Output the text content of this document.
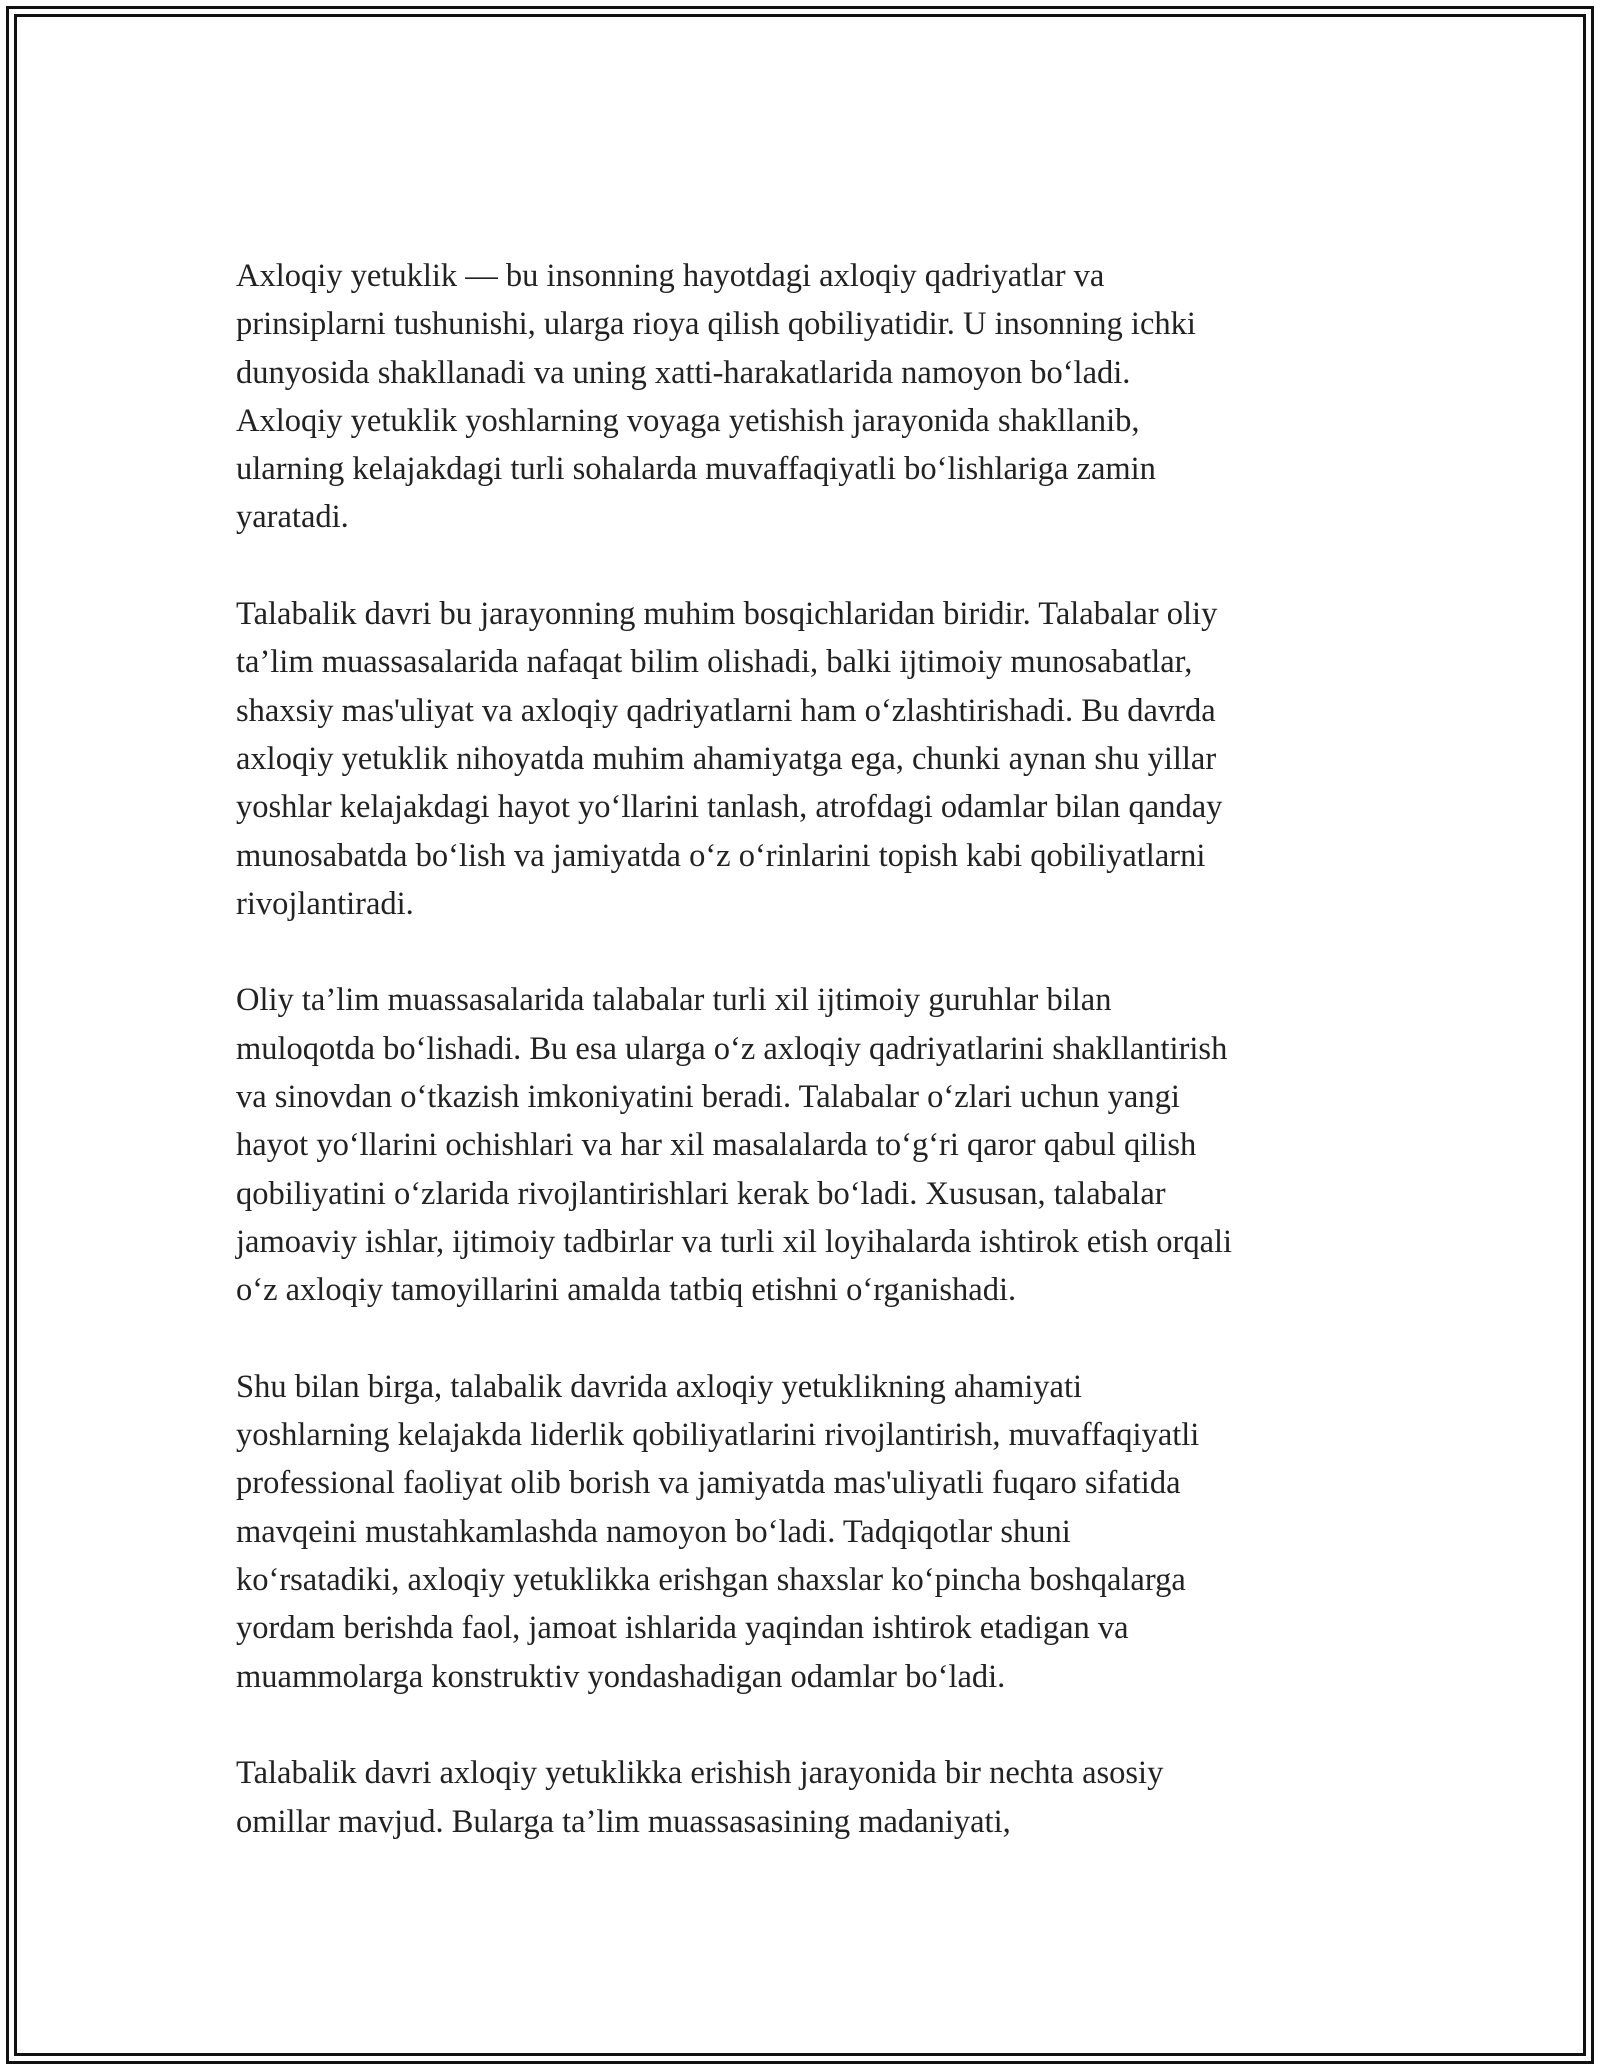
Axloqiy yetuklik — bu insonning hayotdagi axloqiy qadriyatlar va
prinsiplarni tushunishi, ularga rioya qilish qobiliyatidir. U insonning ichki
dunyosida shakllanadi va uning xatti-harakatlarida namoyon boʻladi.
Axloqiy yetuklik yoshlarning voyaga yetishish jarayonida shakllanib,
ularning kelajakdagi turli sohalarda muvaffaqiyatli boʻlishlariga zamin
yaratadi.

Talabalik davri bu jarayonning muhim bosqichlaridan biridir. Talabalar oliy
ta’lim muassasalarida nafaqat bilim olishadi, balki ijtimoiy munosabatlar,
shaxsiy mas'uliyat va axloqiy qadriyatlarni ham oʻzlashtirishadi. Bu davrda
axloqiy yetuklik nihoyatda muhim ahamiyatga ega, chunki aynan shu yillar
yoshlar kelajakdagi hayot yoʻllarini tanlash, atrofdagi odamlar bilan qanday
munosabatda boʻlish va jamiyatda oʻz oʻrinlarini topish kabi qobiliyatlarni
rivojlantiradi.

Oliy ta’lim muassasalarida talabalar turli xil ijtimoiy guruhlar bilan
muloqotda boʻlishadi. Bu esa ularga oʻz axloqiy qadriyatlarini shakllantirish
va sinovdan oʻtkazish imkoniyatini beradi. Talabalar oʻzlari uchun yangi
hayot yoʻllarini ochishlari va har xil masalalarda toʻgʻri qaror qabul qilish
qobiliyatini oʻzlarida rivojlantirishlari kerak boʻladi. Xususan, talabalar
jamoaviy ishlar, ijtimoiy tadbirlar va turli xil loyihalarda ishtirok etish orqali
oʻz axloqiy tamoyillarini amalda tatbiq etishni oʻrganishadi.

Shu bilan birga, talabalik davrida axloqiy yetuklikning ahamiyati
yoshlarning kelajakda liderlik qobiliyatlarini rivojlantirish, muvaffaqiyatli
professional faoliyat olib borish va jamiyatda mas'uliyatli fuqaro sifatida
mavqeini mustahkamlashda namoyon boʻladi. Tadqiqotlar shuni
koʻrsatadiki, axloqiy yetuklikka erishgan shaxslar koʻpincha boshqalarga
yordam berishda faol, jamoat ishlarida yaqindan ishtirok etadigan va
muammolarga konstruktiv yondashadigan odamlar boʻladi.

Talabalik davri axloqiy yetuklikka erishish jarayonida bir nechta asosiy
omillar mavjud. Bularga ta’lim muassasasining madaniyati,
